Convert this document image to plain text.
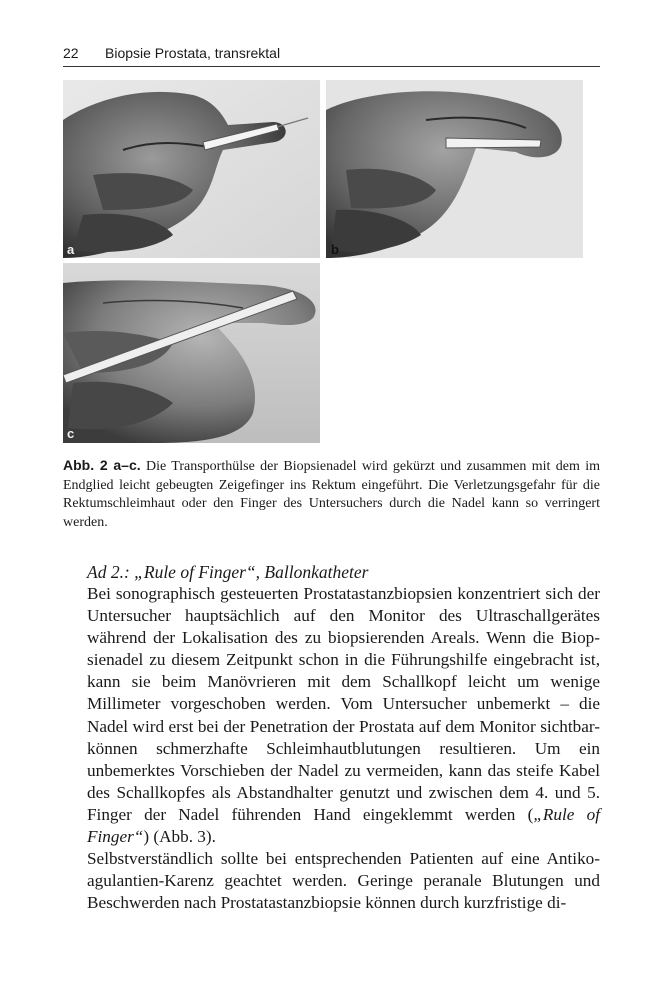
22 Biopsie Prostata, transrektal
a	b
c
Abb. 2 a–c. Die Transporthülse der Biopsienadel wird gekürzt und zusammen mit dem im Endglied leicht gebeugten Zeigefinger ins Rektum eingeführt. Die Verletzungsgefahr für die Rektumschleimhaut oder den Finger des Untersuchers durch die Nadel kann so verringert werden.
Ad 2.: „Rule of Finger“, Ballonkatheter

Bei sonographisch gesteuerten Prostatastanzbiopsien konzentriert sich der Untersucher hauptsächlich auf den Monitor des Ultraschallgerätes während der Lokalisation des zu biopsierenden Areals. Wenn die Biopsienadel zu diesem Zeitpunkt schon in die Führungshilfe eingebracht ist, kann sie beim Manövrieren mit dem Schallkopf leicht um wenige Millimeter vorgeschoben werden. Vom Untersucher unbemerkt – die Nadel wird erst bei der Penetration der Prostata auf dem Monitor sichtbar- können schmerzhafte Schleimhautblutungen resultieren. Um ein unbemerktes Vorschieben der Nadel zu vermeiden, kann das steife Kabel des Schallkopfes als Abstandhalter genutzt und zwischen dem 4. und 5. Finger der Nadel führenden Hand eingeklemmt werden („Rule of Finger“) (Abb. 3).

Selbstverständlich sollte bei entsprechenden Patienten auf eine Antikoagulantien-Karenz geachtet werden. Geringe peranale Blutungen und Beschwerden nach Prostatastanzbiopsie können durch kurzfristige di-
